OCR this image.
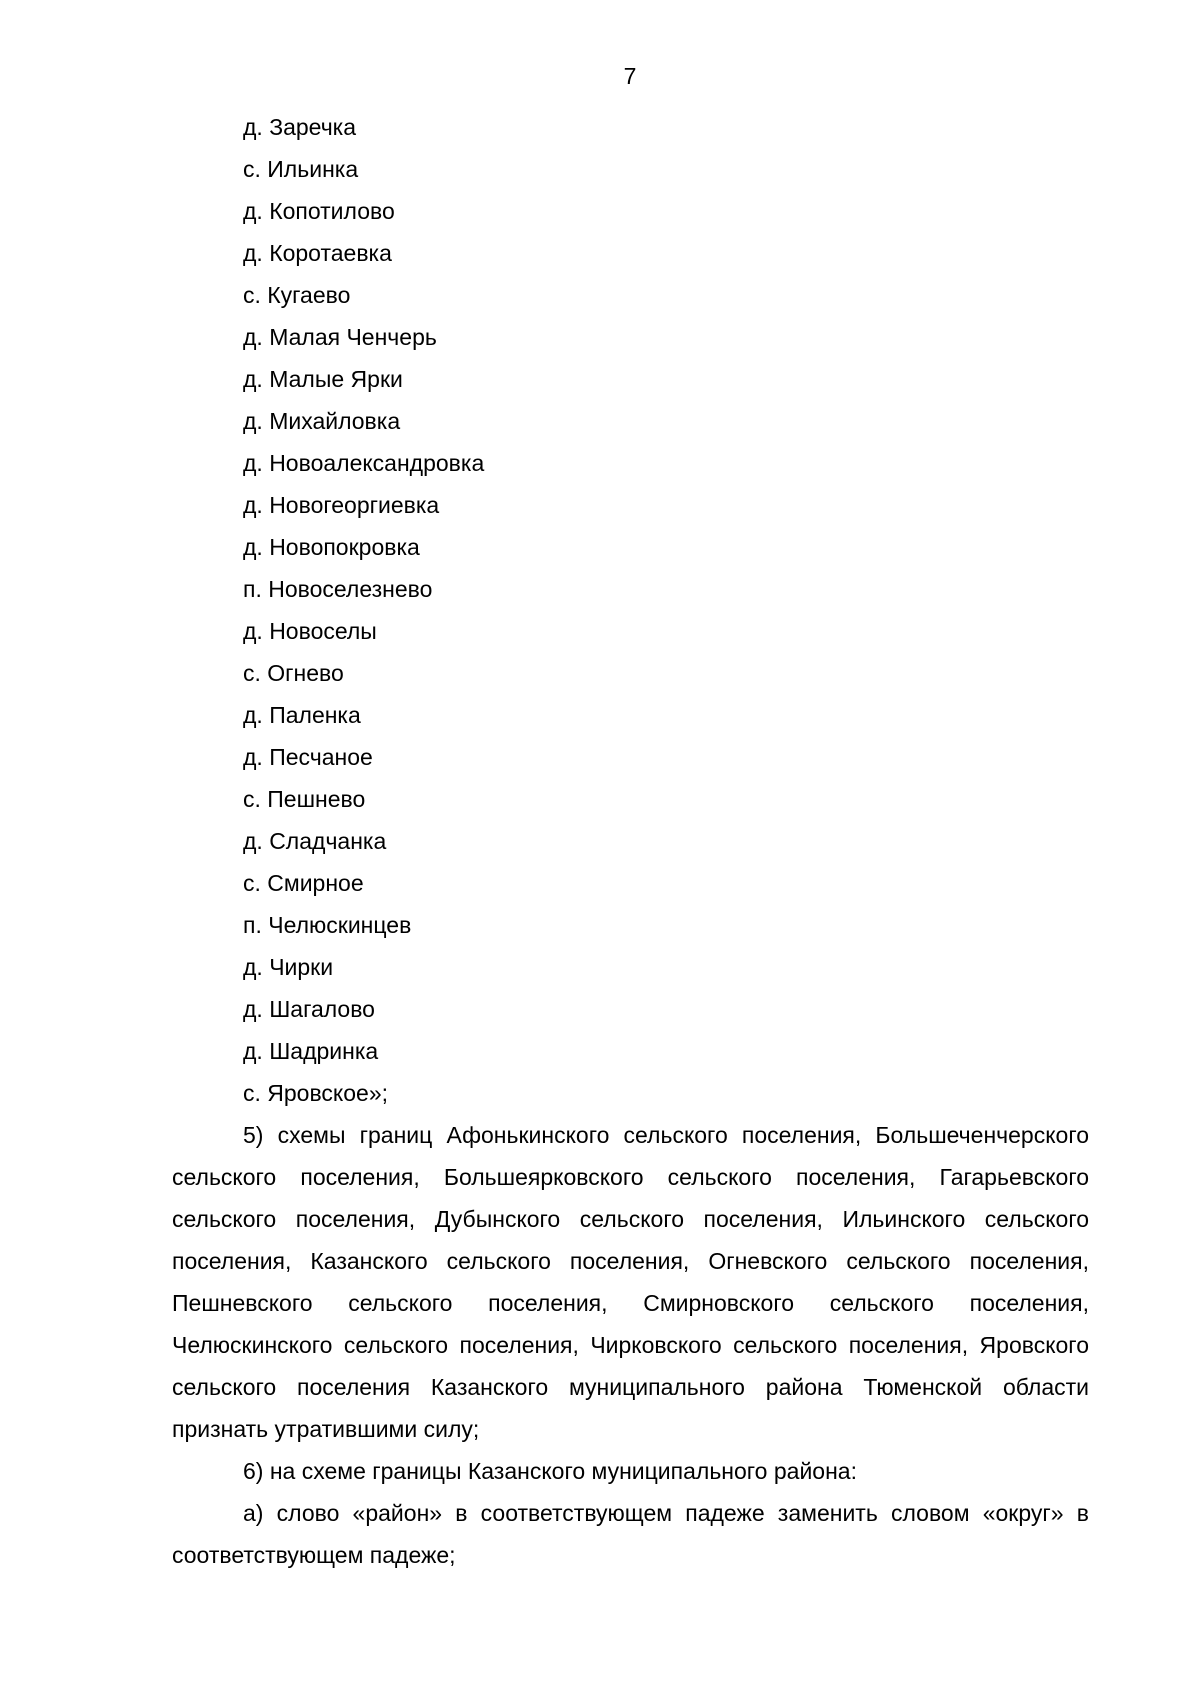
7
д. Заречка
с. Ильинка
д. Копотилово
д. Коротаевка
с. Кугаево
д. Малая Ченчерь
д. Малые Ярки
д. Михайловка
д. Новоалександровка
д. Новогеоргиевка
д. Новопокровка
п. Новоселезнево
д. Новоселы
с. Огнево
д. Паленка
д. Песчаное
с. Пешнево
д. Сладчанка
с. Смирное
п. Челюскинцев
д. Чирки
д. Шагалово
д. Шадринка
с. Яровское»;

5) схемы границ Афонькинского сельского поселения, Большеченчерского сельского поселения, Большеярковского сельского поселения, Гагарьевского сельского поселения, Дубынского сельского поселения, Ильинского сельского поселения, Казанского сельского поселения, Огневского сельского поселения, Пешневского сельского поселения, Смирновского сельского поселения, Челюскинского сельского поселения, Чирковского сельского поселения, Яровского сельского поселения Казанского муниципального района Тюменской области признать утратившими силу;

6) на схеме границы Казанского муниципального района:

а) слово «район» в соответствующем падеже заменить словом «округ» в соответствующем падеже;
